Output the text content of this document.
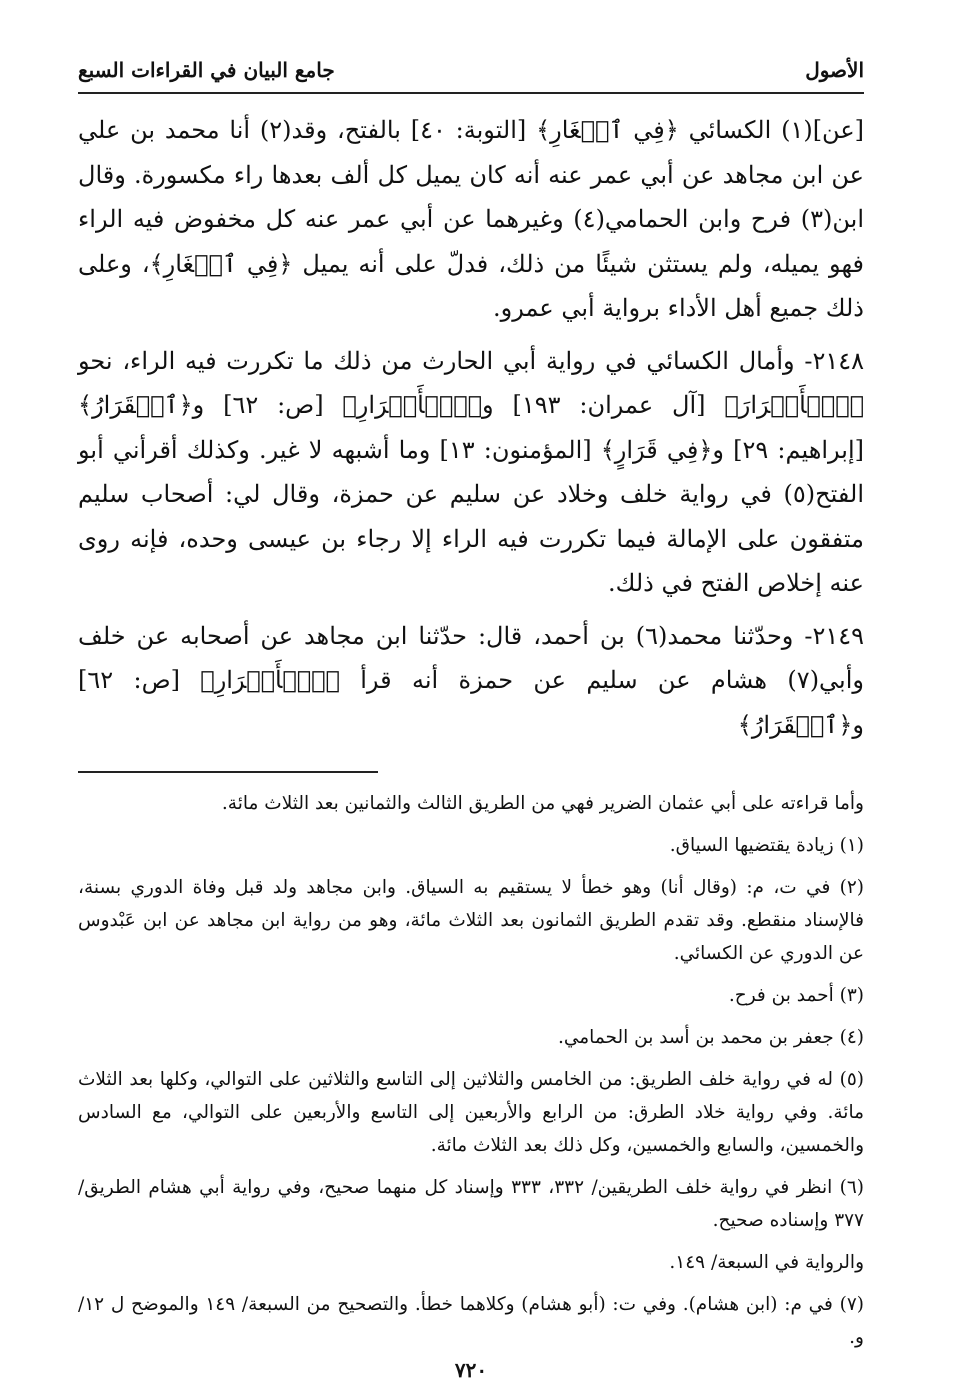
الأصول
جامع البيان في القراءات السبع

[عن](١) الكسائي ﴿فِي ٱلۡغَارِ﴾ [التوبة: ٤٠] بالفتح، وقد(٢) أنا محمد بن علي عن ابن مجاهد عن أبي عمر عنه أنه كان يميل كل ألف بعدها راء مكسورة. وقال ابن(٣) فرح وابن الحمامي(٤) وغيرهما عن أبي عمر عنه كل مخفوض فيه الراء فهو يميله، ولم يستثن شيئًا من ذلك، فدلّ على أنه يميل ﴿فِي ٱلۡغَارِ﴾، وعلى ذلك جميع أهل الأداء برواية أبي عمرو.

٢١٤٨- وأمال الكسائي في رواية أبي الحارث من ذلك ما تكررت فيه الراء، نحو ﴿ٱلۡأَبۡرَارَ﴾ [آل عمران: ١٩٣] و﴿ٱلۡأَشۡرَارِ﴾ [ص: ٦٢] و﴿ٱلۡقَرَارُ﴾ [إبراهيم: ٢٩] و﴿فِي قَرَارٍ﴾ [المؤمنون: ١٣] وما أشبهه لا غير. وكذلك أقرأني أبو الفتح(٥) في رواية خلف وخلاد عن سليم عن حمزة، وقال لي: أصحاب سليم متفقون على الإمالة فيما تكررت فيه الراء إلا رجاء بن عيسى وحده، فإنه روى عنه إخلاص الفتح في ذلك.

٢١٤٩- وحدّثنا محمد(٦) بن أحمد، قال: حدّثنا ابن مجاهد عن أصحابه عن خلف وأبي(٧) هشام عن سليم عن حمزة أنه قرأ ﴿ٱلۡأَشۡرَارِ﴾ [ص: ٦٢] و﴿ٱلۡقَرَارُ﴾

وأما قراءته على أبي عثمان الضرير فهي من الطريق الثالث والثمانين بعد الثلاث مائة.

(١) زيادة يقتضيها السياق.

(٢) في ت، م: (وقال أنا) وهو خطأ لا يستقيم به السياق. وابن مجاهد ولد قبل وفاة الدوري بسنة، فالإسناد منقطع. وقد تقدم الطريق الثمانون بعد الثلاث مائة، وهو من رواية ابن مجاهد عن ابن عَبْدوس عن الدوري عن الكسائي.

(٣) أحمد بن فرح.

(٤) جعفر بن محمد بن أسد بن الحمامي.

(٥) له في رواية خلف الطريق: من الخامس والثلاثين إلى التاسع والثلاثين على التوالي، وكلها بعد الثلاث مائة. وفي رواية خلاد الطرق: من الرابع والأربعين إلى التاسع والأربعين على التوالي، مع السادس والخمسين، والسابع والخمسين، وكل ذلك بعد الثلاث مائة.

(٦) انظر في رواية خلف الطريقين/ ٣٣٢، ٣٣٣ وإسناد كل منهما صحيح، وفي رواية أبي هشام الطريق/ ٣٧٧ وإسناده صحيح.

والرواية في السبعة/ ١٤٩.

(٧) في م: (ابن هشام). وفي ت: (أبو هشام) وكلاهما خطأ. والتصحيح من السبعة/ ١٤٩ والموضح ل ١٢/ و.

٧٢٠
